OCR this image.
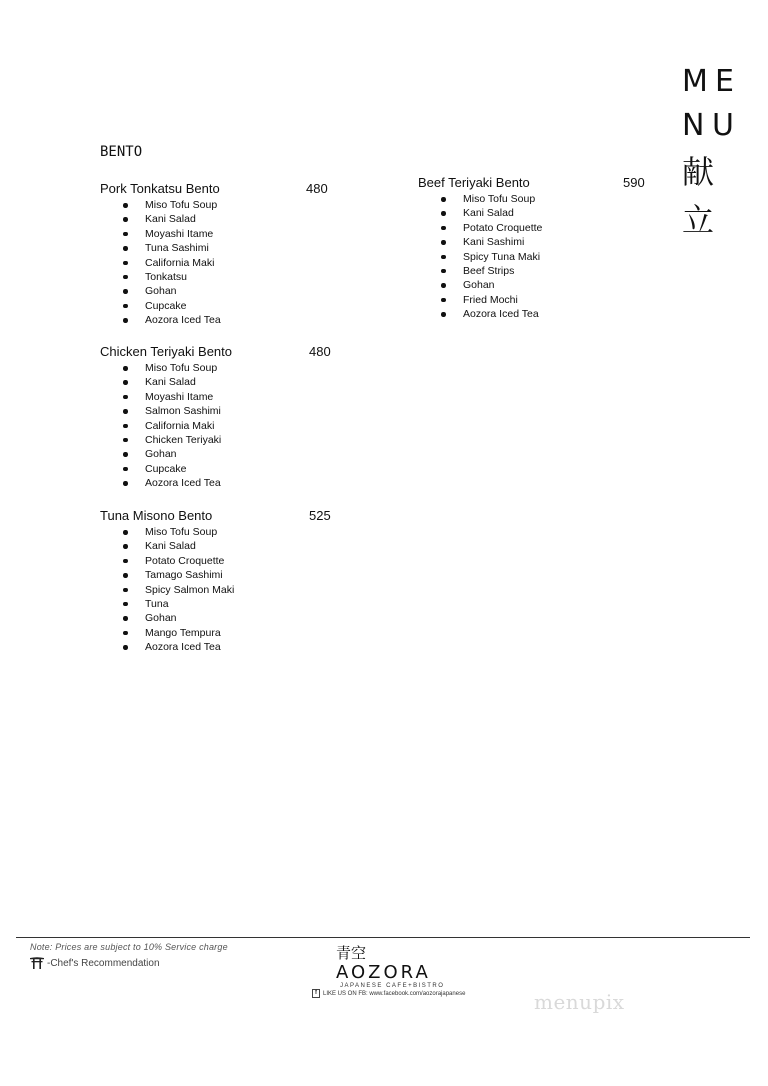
M E
N U
献
立
BENTO
Pork Tonkatsu Bento	480
Miso Tofu Soup
Kani Salad
Moyashi Itame
Tuna Sashimi
California Maki
Tonkatsu
Gohan
Cupcake
Aozora Iced Tea
Chicken Teriyaki Bento	480
Miso Tofu Soup
Kani Salad
Moyashi Itame
Salmon Sashimi
California Maki
Chicken Teriyaki
Gohan
Cupcake
Aozora Iced Tea
Tuna Misono Bento	525
Miso Tofu Soup
Kani Salad
Potato Croquette
Tamago Sashimi
Spicy Salmon Maki
Tuna
Gohan
Mango Tempura
Aozora Iced Tea
Beef Teriyaki Bento	590
Miso Tofu Soup
Kani Salad
Potato Croquette
Kani Sashimi
Spicy Tuna Maki
Beef Strips
Gohan
Fried Mochi
Aozora Iced Tea
Note: Prices are subject to 10% Service charge
-Chef's Recommendation
青空
AOZORA
JAPANESE CAFE+BISTRO
f	LIKE US ON FB: www.facebook.com/aozorajapanese	menupix
